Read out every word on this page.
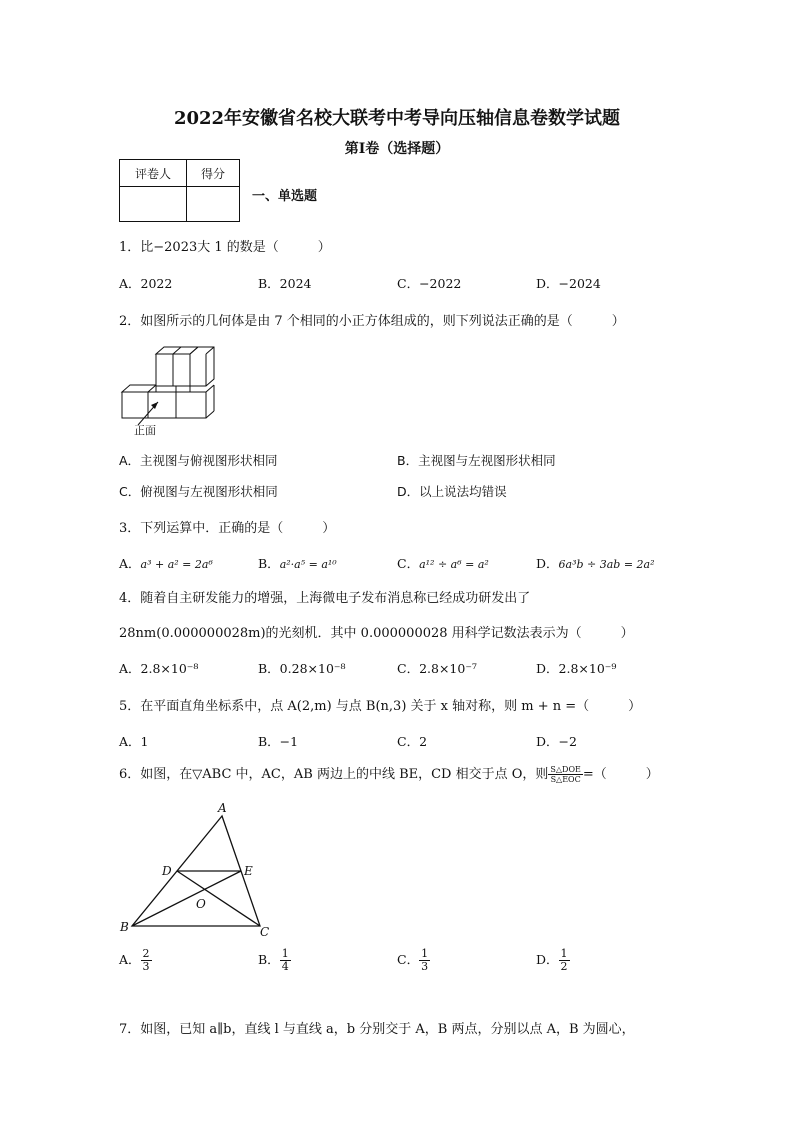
2022年安徽省名校大联考中考导向压轴信息卷数学试题
第I卷（选择题）
评卷人	得分

一、单选题
1．比−2023大 1 的数是（　　　）
A．2022	B．2024	C．−2022	D．−2024
2．如图所示的几何体是由 7 个相同的小正方体组成的，则下列说法正确的是（　　　）
正面
A．主视图与俯视图形状相同	B．主视图与左视图形状相同
C．俯视图与左视图形状相同	D．以上说法均错误
3．下列运算中．正确的是（　　　）
A．a³ + a² = 2a⁶	B．a²·a⁵ = a¹⁰	C．a¹² ÷ a⁶ = a²	D．6a³b ÷ 3ab = 2a²
4．随着自主研发能力的增强，上海微电子发布消息称已经成功研发出了
28nm(0.000000028m)的光刻机．其中 0.000000028 用科学记数法表示为（　　　）
A．2.8×10⁻⁸	B．0.28×10⁻⁸	C．2.8×10⁻⁷	D．2.8×10⁻⁹
5．在平面直角坐标系中，点 A(2,m) 与点 B(n,3) 关于 x 轴对称，则 m + n =（　　　）
A．1	B．−1	C．2	D．−2
6．如图，在▽ABC 中，AC，AB 两边上的中线 BE，CD 相交于点 O，则 $\frac{\text{S△DOE}}{\text{S△EOC}}$ =（　　　）
A
B	C
D	E
O
A． $\frac{2}{3}$	B． $\frac{1}{4}$	C． $\frac{1}{3}$	D． $\frac{1}{2}$
7．如图，已知 a∥b，直线 l 与直线 a，b 分别交于 A，B 两点，分别以点 A，B 为圆心，
